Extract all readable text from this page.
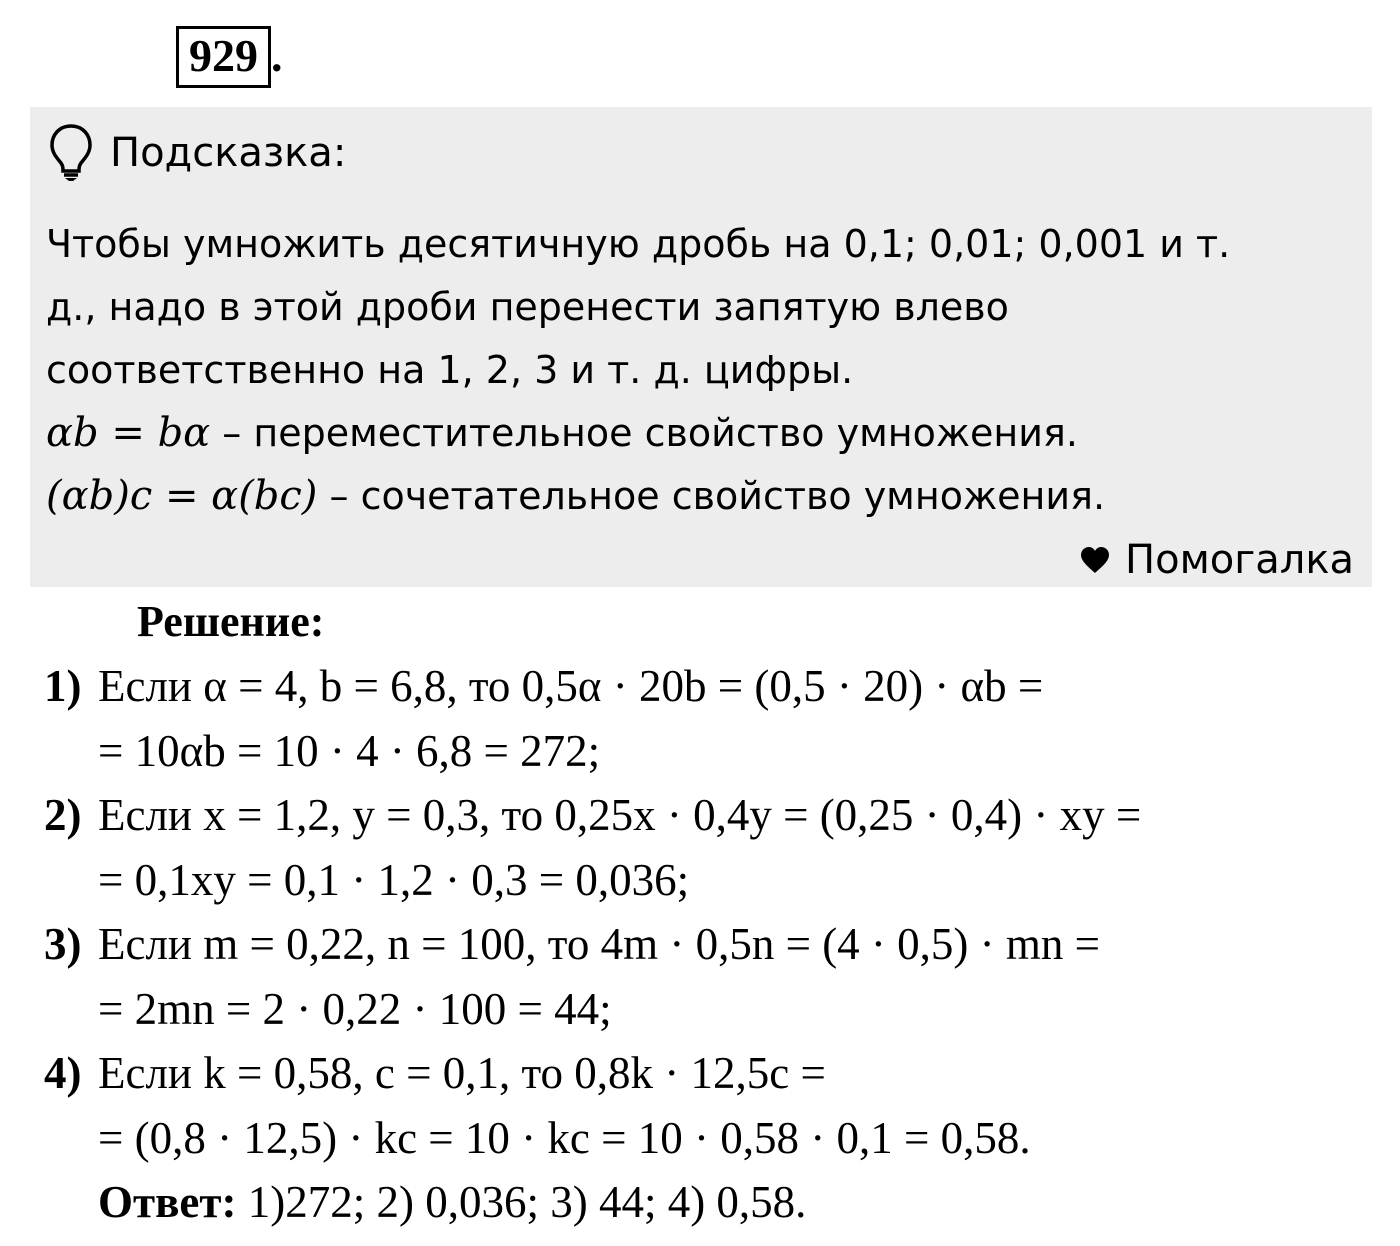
929 .
Подсказка:
Чтобы умножить десятичную дробь на 0,1; 0,01; 0,001 и т.
д., надо в этой дроби перенести запятую влево
соответственно на 1, 2, 3 и т. д. цифры.
αb = bα – переместительное свойство умножения.
(αb)c = α(bc) – сочетательное свойство умножения.
Помогалка
Решение:
1) Если α = 4, b = 6,8, то 0,5α · 20b = (0,5 · 20) · αb =
= 10αb = 10 · 4 · 6,8 = 272;
2) Если x = 1,2, y = 0,3, то 0,25x · 0,4y = (0,25 · 0,4) · xy =
= 0,1xy = 0,1 · 1,2 · 0,3 = 0,036;
3) Если m = 0,22, n = 100, то 4m · 0,5n = (4 · 0,5) · mn =
= 2mn = 2 · 0,22 · 100 = 44;
4) Если k = 0,58, c = 0,1, то 0,8k · 12,5c =
= (0,8 · 12,5) · kc = 10 · kc = 10 · 0,58 · 0,1 = 0,58.
Ответ: 1)272; 2) 0,036; 3) 44; 4) 0,58.
